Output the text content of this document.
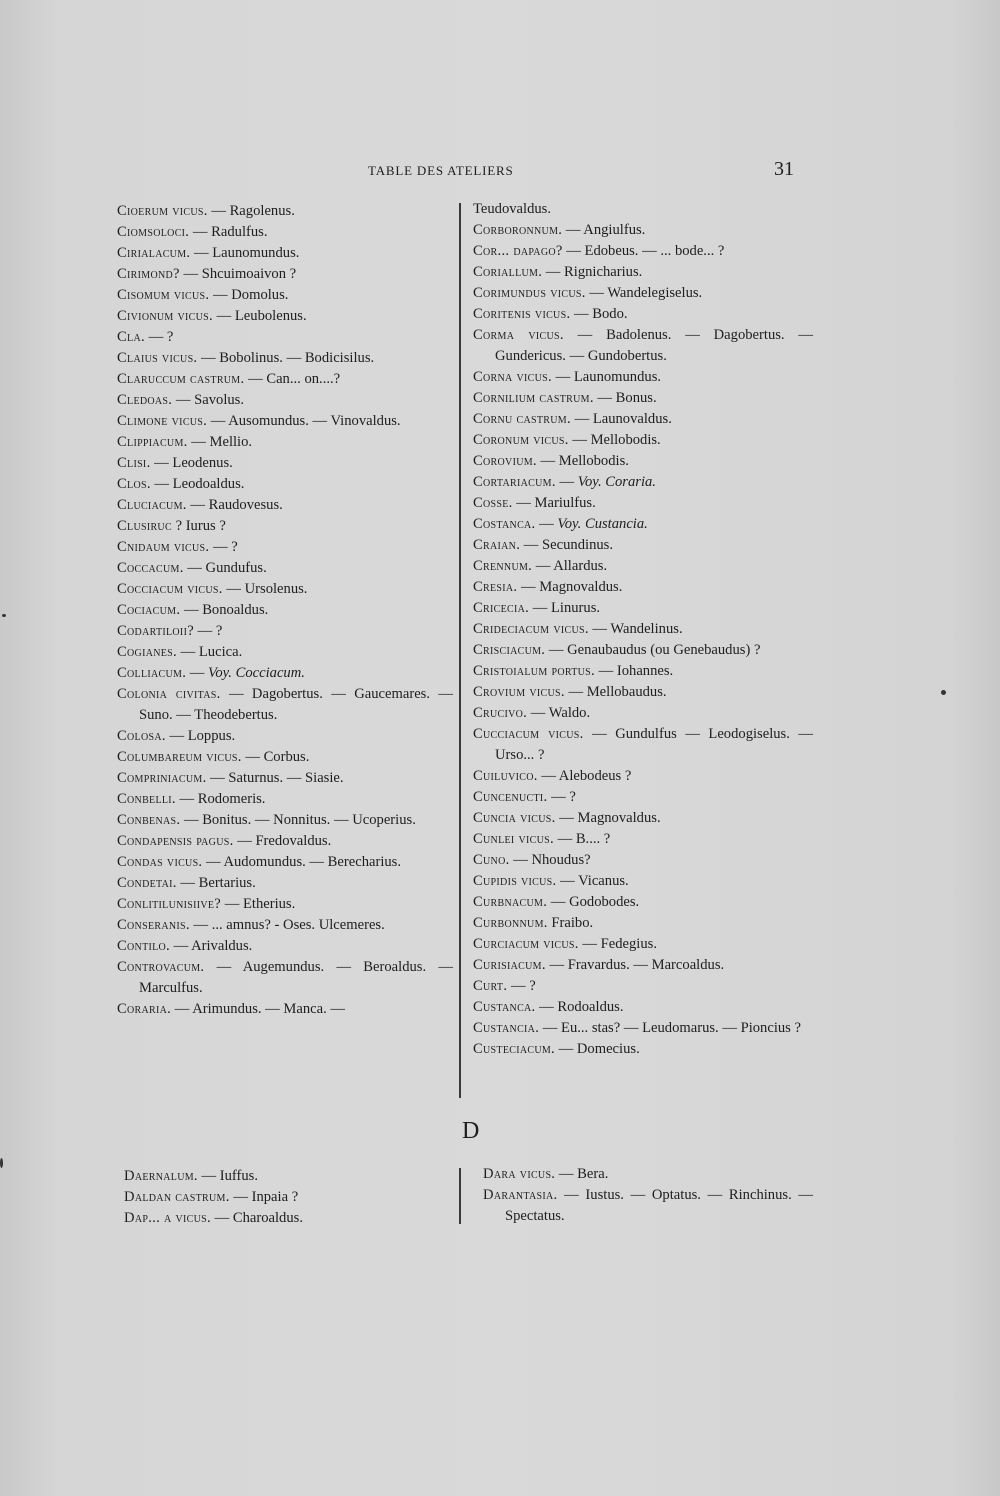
TABLE DES ATELIERS	31
Cioerum vicus. — Ragolenus.
Ciomsoloci. — Radulfus.
Cirialacum. — Launomundus.
Cirimond? — Shcuimoaivon ?
Cisomum vicus. — Domolus.
Civionum vicus. — Leubolenus.
Cla. — ?
Claius vicus. — Bobolinus. — Bodicisilus.
Claruccum castrum. — Can... on....?
Cledoas. — Savolus.
Climone vicus. — Ausomundus. — Vinovaldus.
Clippiacum. — Mellio.
Clisi. — Leodenus.
Clos. — Leodoaldus.
Cluciacum. — Raudovesus.
Clusiruc ? Iurus ?
Cnidaum vicus. — ?
Coccacum. — Gundufus.
Cocciacum vicus. — Ursolenus.
Cociacum. — Bonoaldus.
Codartiloii? — ?
Cogianes. — Lucica.
Colliacum. — Voy. Cocciacum.
Colonia civitas. — Dagobertus. — Gaucemares. — Suno. — Theodebertus.
Colosa. — Loppus.
Columbareum vicus. — Corbus.
Compriniacum. — Saturnus. — Siasie.
Conbelli. — Rodomeris.
Conbenas. — Bonitus. — Nonnitus. — Ucoperius.
Condapensis pagus. — Fredovaldus.
Condas vicus. — Audomundus. — Berecharius.
Condetai. — Bertarius.
Conlitilunisiive? — Etherius.
Conseranis. — ... amnus? - Oses. Ulcemeres.
Contilo. — Arivaldus.
Controvacum. — Augemundus. — Beroaldus. — Marculfus.
Coraria. — Arimundus. — Manca. —
Teudovaldus.
Corboronnum. — Angiulfus.
Cor... dapago? — Edobeus. — ... bode... ?
Coriallum. — Rignicharius.
Corimundus vicus. — Wandelegiselus.
Coritenis vicus. — Bodo.
Corma vicus. — Badolenus. — Dagobertus. — Gundericus. — Gundobertus.
Corna vicus. — Launomundus.
Cornilium castrum. — Bonus.
Cornu castrum. — Launovaldus.
Coronum vicus. — Mellobodis.
Corovium. — Mellobodis.
Cortariacum. — Voy. Coraria.
Cosse. — Mariulfus.
Costanca. — Voy. Custancia.
Craian. — Secundinus.
Crennum. — Allardus.
Cresia. — Magnovaldus.
Cricecia. — Linurus.
Crideciacum vicus. — Wandelinus.
Crisciacum. — Genaubaudus (ou Genebaudus) ?
Cristoialum portus. — Iohannes.
Crovium vicus. — Mellobaudus.
Crucivo. — Waldo.
Cucciacum vicus. — Gundulfus — Leodogiselus. — Urso... ?
Cuiluvico. — Alebodeus ?
Cuncenucti. — ?
Cuncia vicus. — Magnovaldus.
Cunlei vicus. — B.... ?
Cuno. — Nhoudus?
Cupidis vicus. — Vicanus.
Curbnacum. — Godobodes.
Curbonnum. Fraibo.
Curciacum vicus. — Fedegius.
Curisiacum. — Fravardus. — Marcoaldus.
Curt. — ?
Custanca. — Rodoaldus.
Custancia. — Eu... stas? — Leudomarus. — Pioncius ?
Custeciacum. — Domecius.
D
Daernalum. — Iuffus.
Daldan castrum. — Inpaia ?
Dap... a vicus. — Charoaldus.
Dara vicus. — Bera.
Darantasia. — Iustus. — Optatus. — Rinchinus. — Spectatus.
